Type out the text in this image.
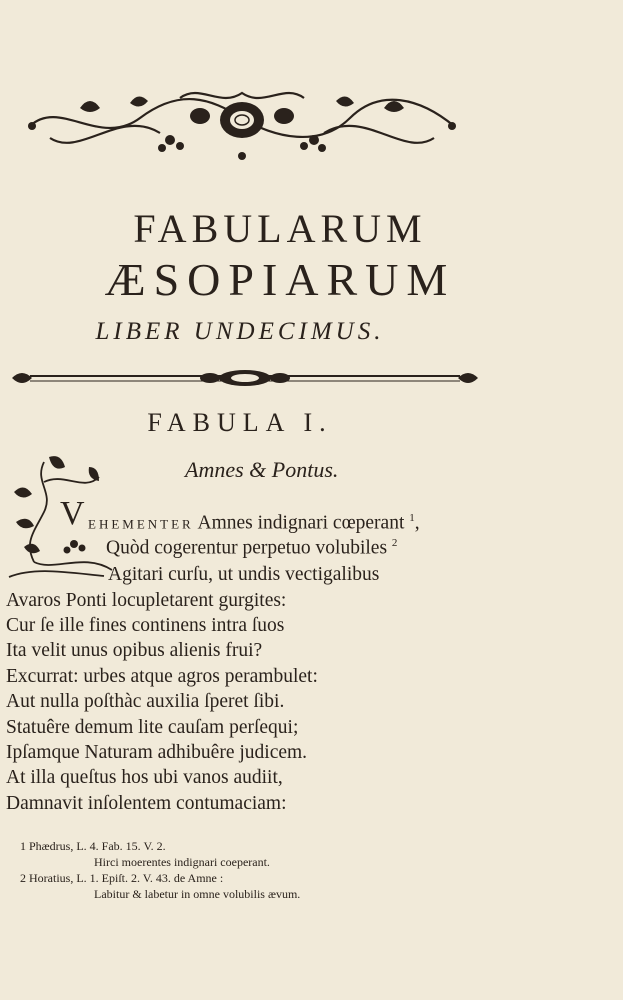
FABULARUM
ÆSOPIARUM
LIBER UNDECIMUS.
FABULA I.
Amnes & Pontus.
V EHEMENTER Amnes indignari cœperant $^1$,
Quòd cogerentur perpetuo volubiles $^2$
Agitari curſu, ut undis vectigalibus
Avaros Ponti locupletarent gurgites:
Cur ſe ille fines continens intra ſuos
Ita velit unus opibus alienis frui?
Excurrat: urbes atque agros perambulet:
Aut nulla poſthàc auxilia ſperet ſibi.
Statuêre demum lite cauſam perſequi;
Ipſamque Naturam adhibuêre judicem.
At illa queſtus hos ubi vanos audiit,
Damnavit inſolentem contumaciam:
1 Phædrus, L. 4. Fab. 15. V. 2.
Hirci moerentes indignari coeperant.
2 Horatius, L. 1. Epiſt. 2. V. 43. de Amne :
Labitur & labetur in omne volubilis ævum.
